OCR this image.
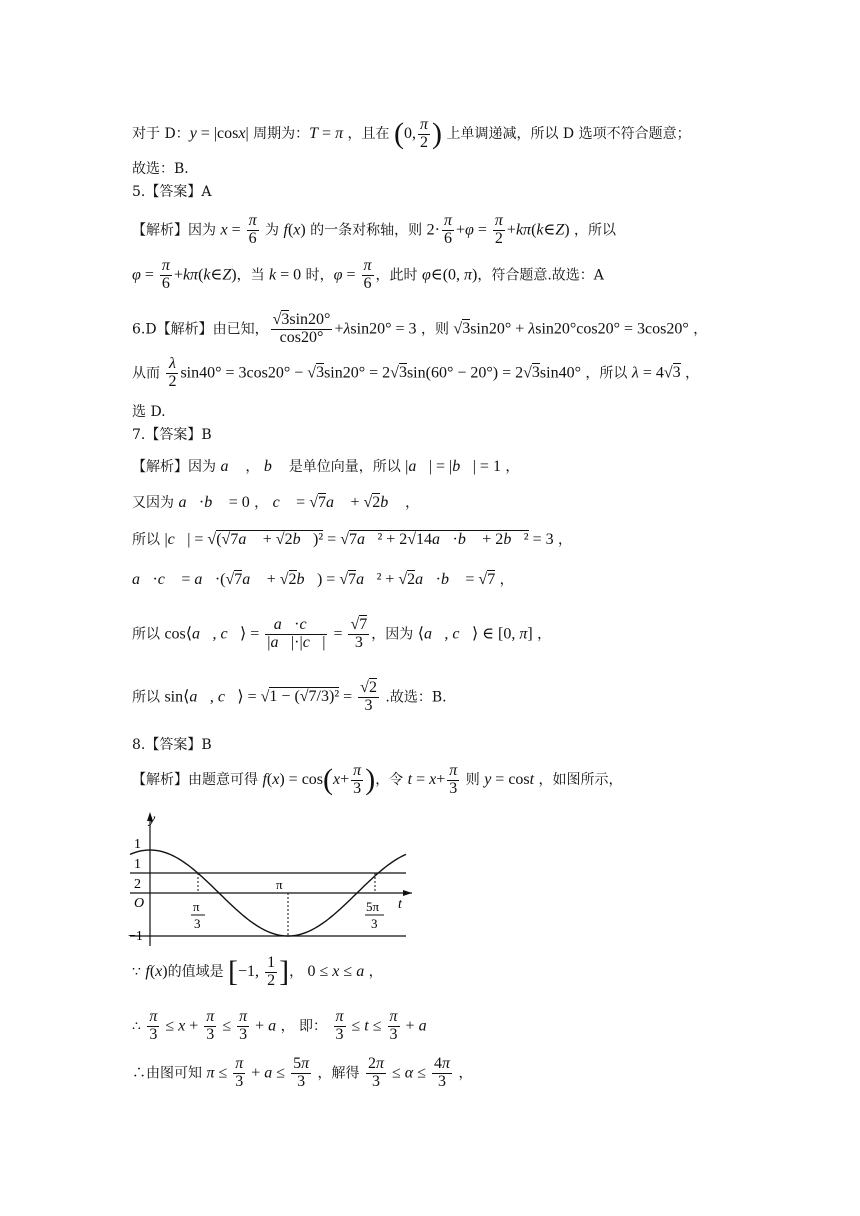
对于 D：y = |cosx| 周期为：T = π ，且在 (0, $\frac{\pi}{2}$ ) 上单调递减，所以 D 选项不符合题意；
故选：B.
5.【答案】A
【解析】因为 $x = \frac{\pi}{6}$ 为 f(x) 的一条对称轴，则 $2\cdot \frac{\pi}{6} +\varphi = \frac{\pi}{2}$ +kπ(k∈Z) ，所以
$\varphi = \frac{\pi}{6}$ +kπ(k∈Z)，当 k = 0 时，$\varphi = \frac{\pi}{6}$ ，此时 φ∈(0, π)，符合题意.故选：A
6.D【解析】由已知， $\frac{√3\sin 20^\circ}{\cos 20^\circ} +\lambda\sin 20^\circ = 3$ ，则 √3sin20° + λsin20°cos20° = 3cos20° ，
从而 $\frac{\lambda}{2} \sin 40^\circ = 3\cos 20^\circ - √3\sin 20^\circ = 2√3\sin(60^\circ - 20^\circ) = 2√3\sin 40^\circ$ ，所以 λ = 4√3 ，
选 D.
7.【答案】B
【解析】因为 a⃗ ， b⃗ 是单位向量，所以 |a⃗| = |b⃗| = 1 ，
又因为 a⃗·b⃗ = 0 ， c⃗ = √7a⃗ + √2b⃗ ，
所以 |c⃗| = √(√7a⃗ + √2b⃗)² = √7a⃗² + 2√14a⃗·b⃗ + 2b⃗² = 3 ，
a⃗·c⃗ = a⃗·(√7a⃗ + √2b⃗) = √7a⃗² + √2a⃗·b⃗ = √7 ，
所以 cos⟨a⃗, c⃗⟩ = $\frac{a⃗\cdot c⃗}{|a⃗|\cdot|c⃗|} = \frac{√7}{3}$ ，因为 ⟨a⃗, c⃗⟩ ∈ [0, π] ，
所以 sin⟨a⃗, c⃗⟩ = $√1 - (√7/3)^2 = \frac{√2}{3}$ .故选：B.
8.【答案】B
【解析】由题意可得 $f(x) = \cos(x+ \frac{\pi}{3}$ )，令 $t = x+ \frac{\pi}{3}$ 则 y = cost ，如图所示，
y
t
O
1
1
2
−1
π
3
π
5π
3
∵ f(x)的值域是 [−1, $\frac{1}{2}$ ]， 0 ≤ x ≤ a ，
∴ $\frac{\pi}{3} \le x + \frac{\pi}{3} \le \frac{\pi}{3} + a$ ， 即： $\frac{\pi}{3} \le t \le \frac{\pi}{3} + a$
∴由图可知 $\pi \le \frac{\pi}{3} + a \le \frac{5\pi}{3}$ ，解得 $\frac{2\pi}{3} \le \alpha \le \frac{4\pi}{3}$ ，
